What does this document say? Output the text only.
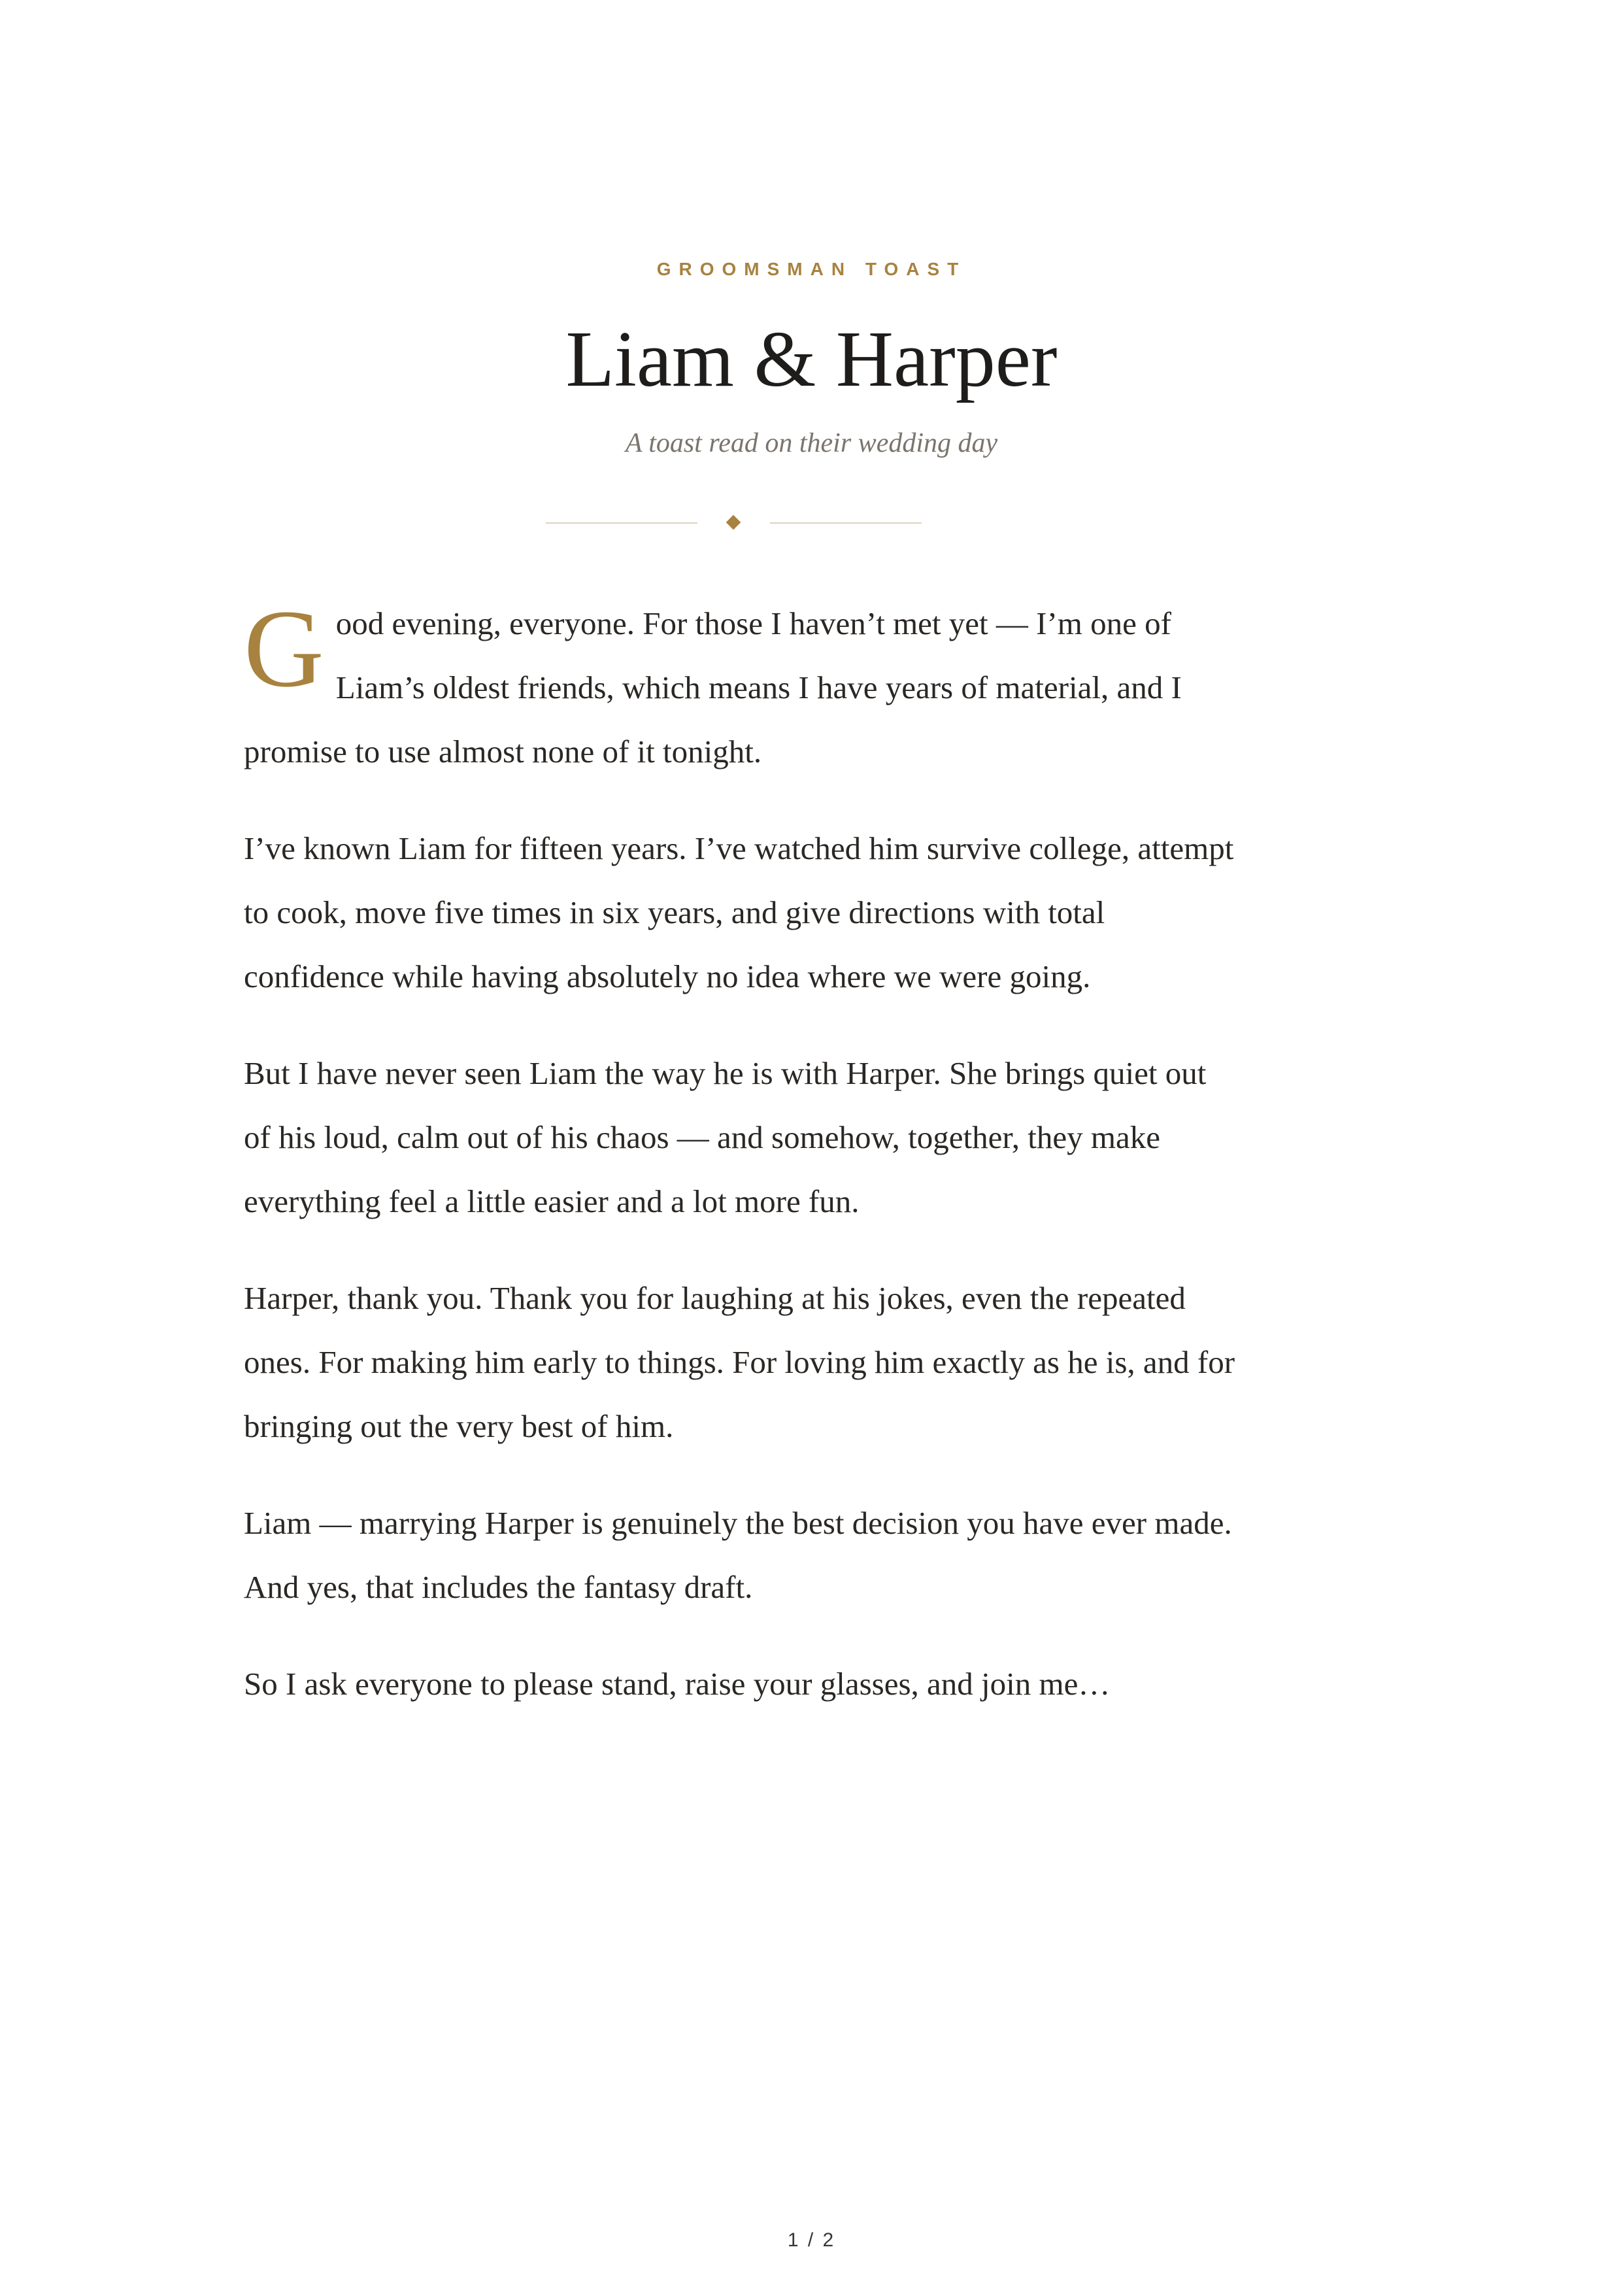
GROOMSMAN TOAST
Liam & Harper
A toast read on their wedding day

Good evening, everyone. For those I haven’t met yet — I’m one of Liam’s oldest friends, which means I have years of material, and I promise to use almost none of it tonight.

I’ve known Liam for fifteen years. I’ve watched him survive college, attempt to cook, move five times in six years, and give directions with total confidence while having absolutely no idea where we were going.

But I have never seen Liam the way he is with Harper. She brings quiet out of his loud, calm out of his chaos — and somehow, together, they make everything feel a little easier and a lot more fun.

Harper, thank you. Thank you for laughing at his jokes, even the repeated ones. For making him early to things. For loving him exactly as he is, and for bringing out the very best of him.

Liam — marrying Harper is genuinely the best decision you have ever made. And yes, that includes the fantasy draft.

So I ask everyone to please stand, raise your glasses, and join me…

1 / 2
